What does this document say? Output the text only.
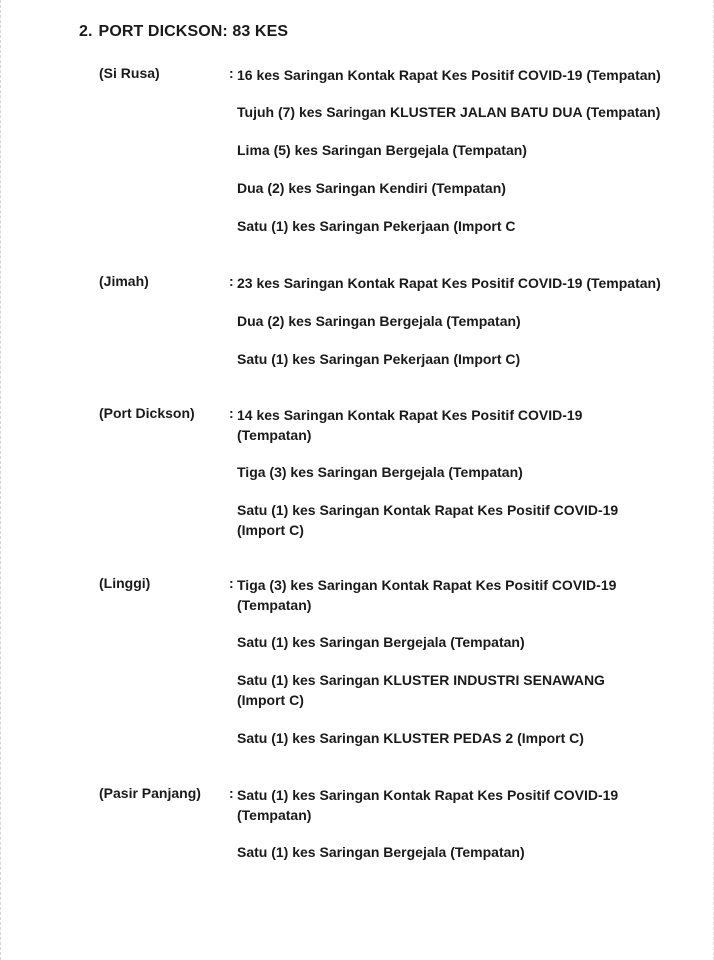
2. PORT DICKSON: 83 KES
(Si Rusa)	: 16 kes Saringan Kontak Rapat Kes Positif COVID-19 (Tempatan)

Tujuh (7) kes Saringan KLUSTER JALAN BATU DUA (Tempatan)

Lima (5) kes Saringan Bergejala (Tempatan)

Dua (2) kes Saringan Kendiri (Tempatan)

Satu (1) kes Saringan Pekerjaan (Import C

(Jimah)	: 23 kes Saringan Kontak Rapat Kes Positif COVID-19 (Tempatan)

Dua (2) kes Saringan Bergejala (Tempatan)

Satu (1) kes Saringan Pekerjaan (Import C)

(Port Dickson) : 14 kes Saringan Kontak Rapat Kes Positif COVID-19 (Tempatan)

Tiga (3) kes Saringan Bergejala (Tempatan)

Satu (1) kes Saringan Kontak Rapat Kes Positif COVID-19 (Import C)

(Linggi)	: Tiga (3) kes Saringan Kontak Rapat Kes Positif COVID-19 (Tempatan)

Satu (1) kes Saringan Bergejala (Tempatan)

Satu (1) kes Saringan KLUSTER INDUSTRI SENAWANG (Import C)

Satu (1) kes Saringan KLUSTER PEDAS 2 (Import C)

(Pasir Panjang) : Satu (1) kes Saringan Kontak Rapat Kes Positif COVID-19 (Tempatan)

Satu (1) kes Saringan Bergejala (Tempatan)
